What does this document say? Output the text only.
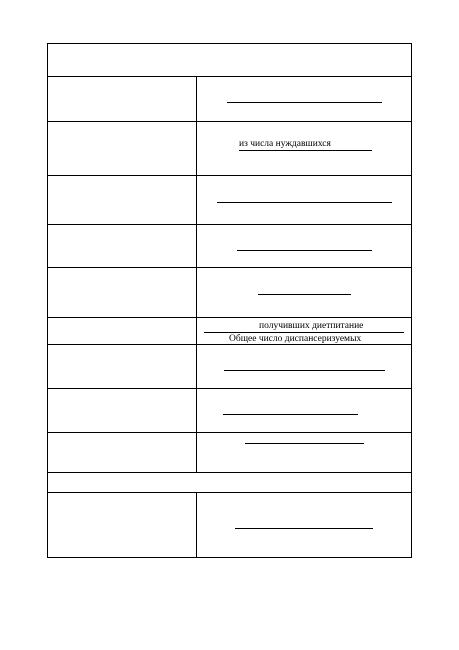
из числа нуждавшихся
получивших диетпитание
Общее число диспансеризуемых
